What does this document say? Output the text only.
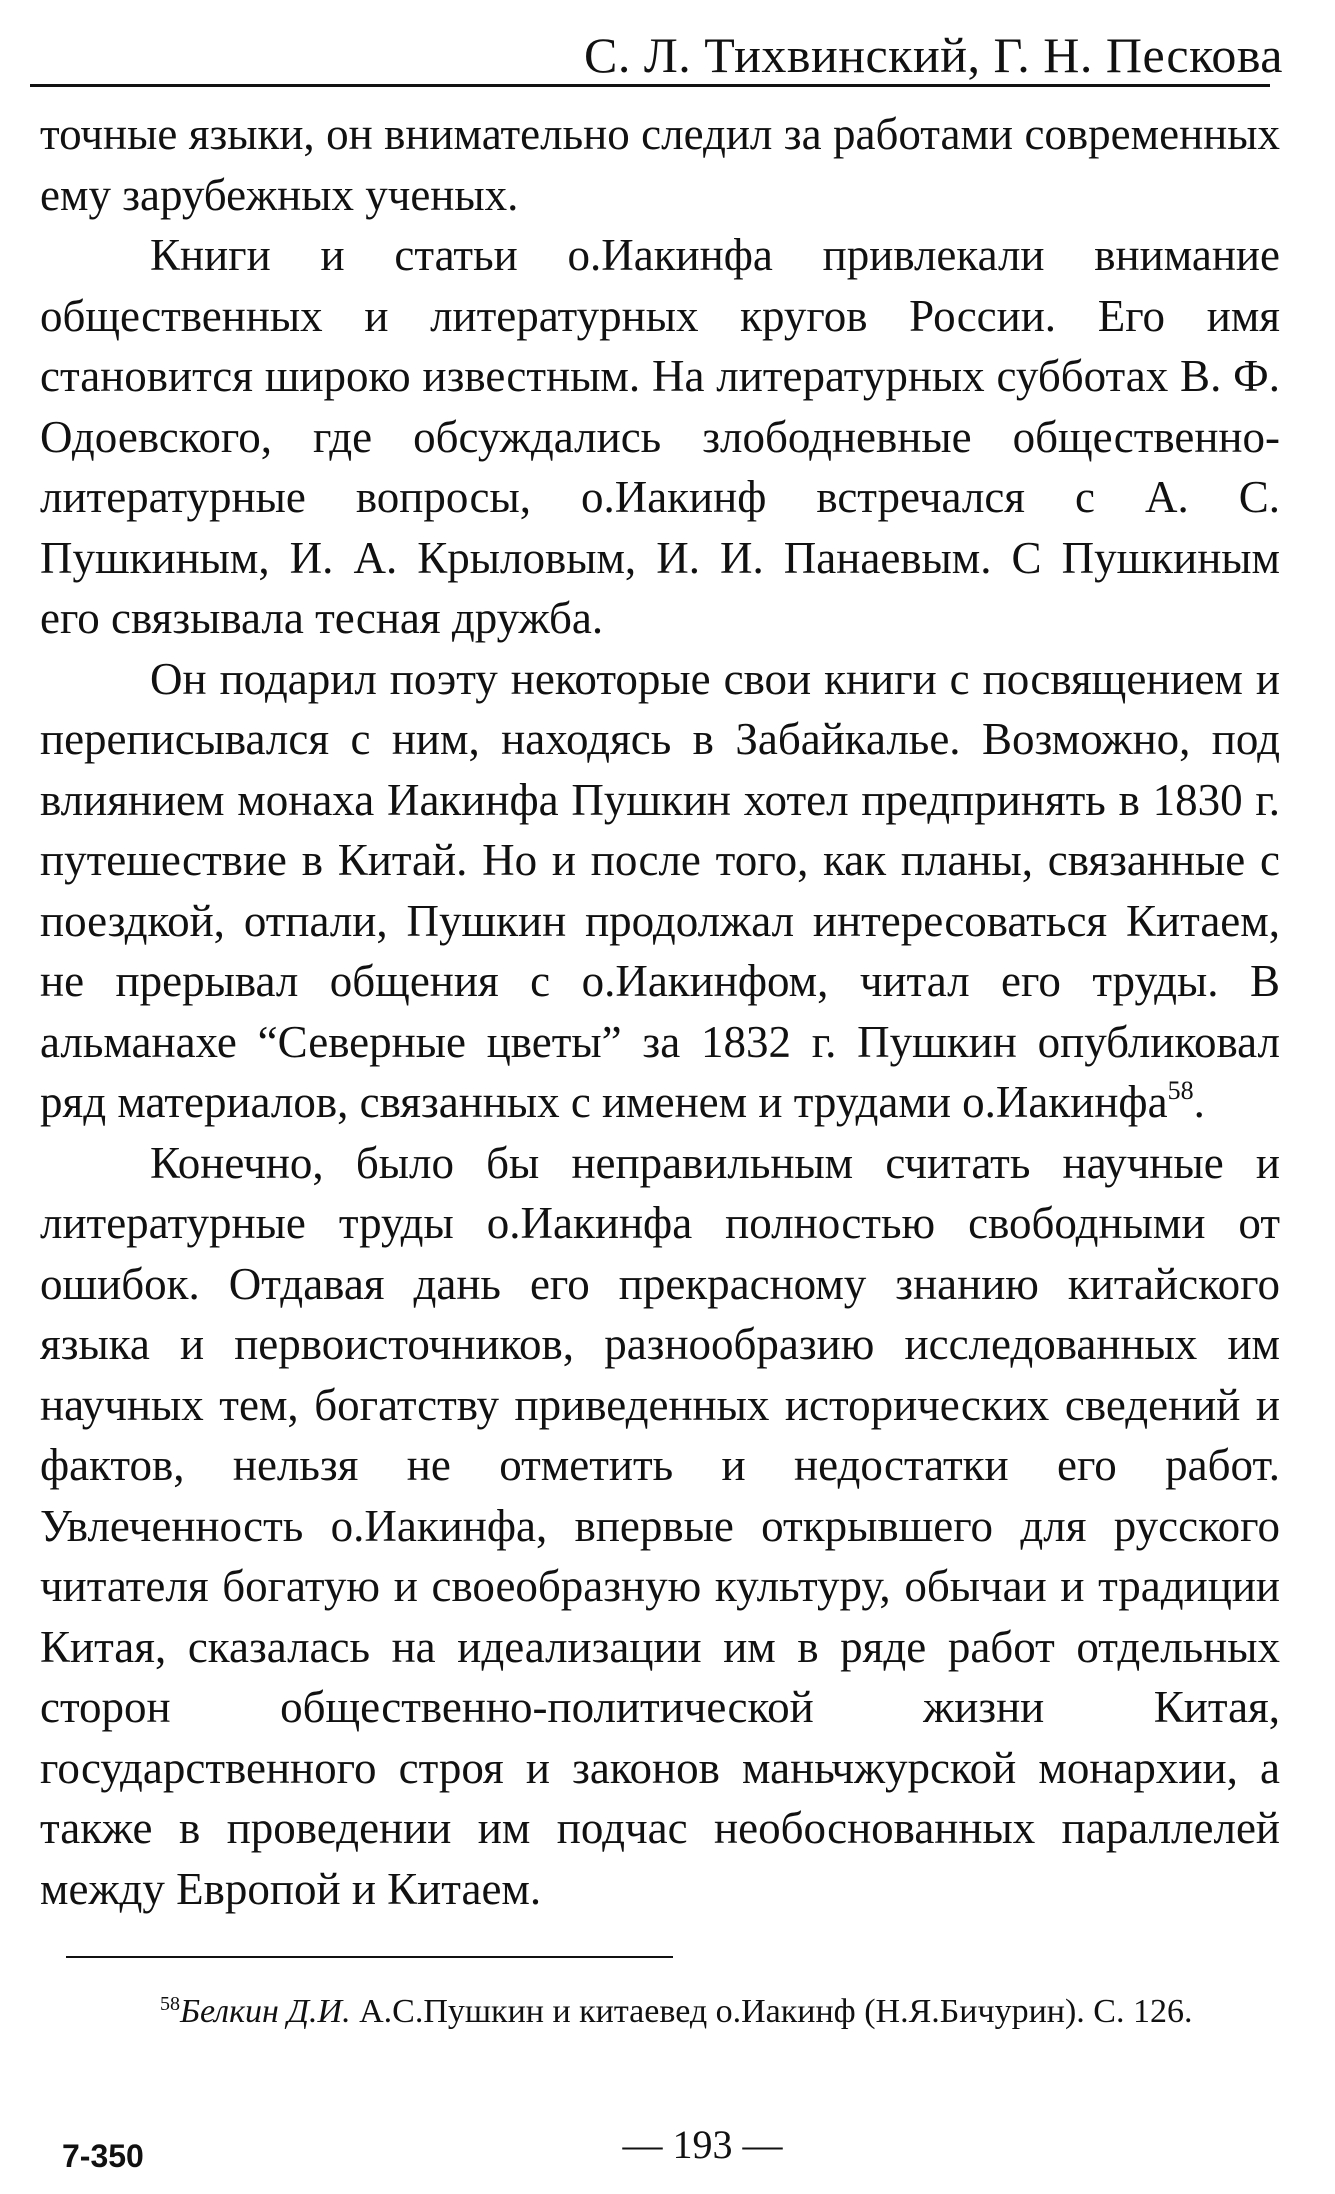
С. Л. Тихвинский, Г. Н. Пескова

точные языки, он внимательно следил за работами современных ему зарубежных ученых.

Книги и статьи о.Иакинфа привлекали внимание общественных и литературных кругов России. Его имя становится широко известным. На литературных субботах В. Ф. Одоевского, где обсуждались злободневные общественно-литературные вопросы, о.Иакинф встречался с А. С. Пушкиным, И. А. Крыловым, И. И. Панаевым. С Пушкиным его связывала тесная дружба.

Он подарил поэту некоторые свои книги с посвящением и переписывался с ним, находясь в Забайкалье. Возможно, под влиянием монаха Иакинфа Пушкин хотел предпринять в 1830 г. путешествие в Китай. Но и после того, как планы, связанные с поездкой, отпали, Пушкин продолжал интересоваться Китаем, не прерывал общения с о.Иакинфом, читал его труды. В альманахе “Северные цветы” за 1832 г. Пушкин опубликовал ряд материалов, связанных с именем и трудами о.Иакинфа$^{58}$.

Конечно, было бы неправильным считать научные и литературные труды о.Иакинфа полностью свободными от ошибок. Отдавая дань его прекрасному знанию китайского языка и первоисточников, разнообразию исследованных им научных тем, богатству приведенных исторических сведений и фактов, нельзя не отметить и недостатки его работ. Увлеченность о.Иакинфа, впервые открывшего для русского читателя богатую и своеобразную культуру, обычаи и традиции Китая, сказалась на идеализации им в ряде работ отдельных сторон общественно-политической жизни Китая, государственного строя и законов маньчжурской монархии, а также в проведении им подчас необоснованных параллелей между Европой и Китаем.

$^{58}$Белкин Д.И. А.С.Пушкин и китаевед о.Иакинф (Н.Я.Бичурин). С. 126.
7-350	— 193 —
